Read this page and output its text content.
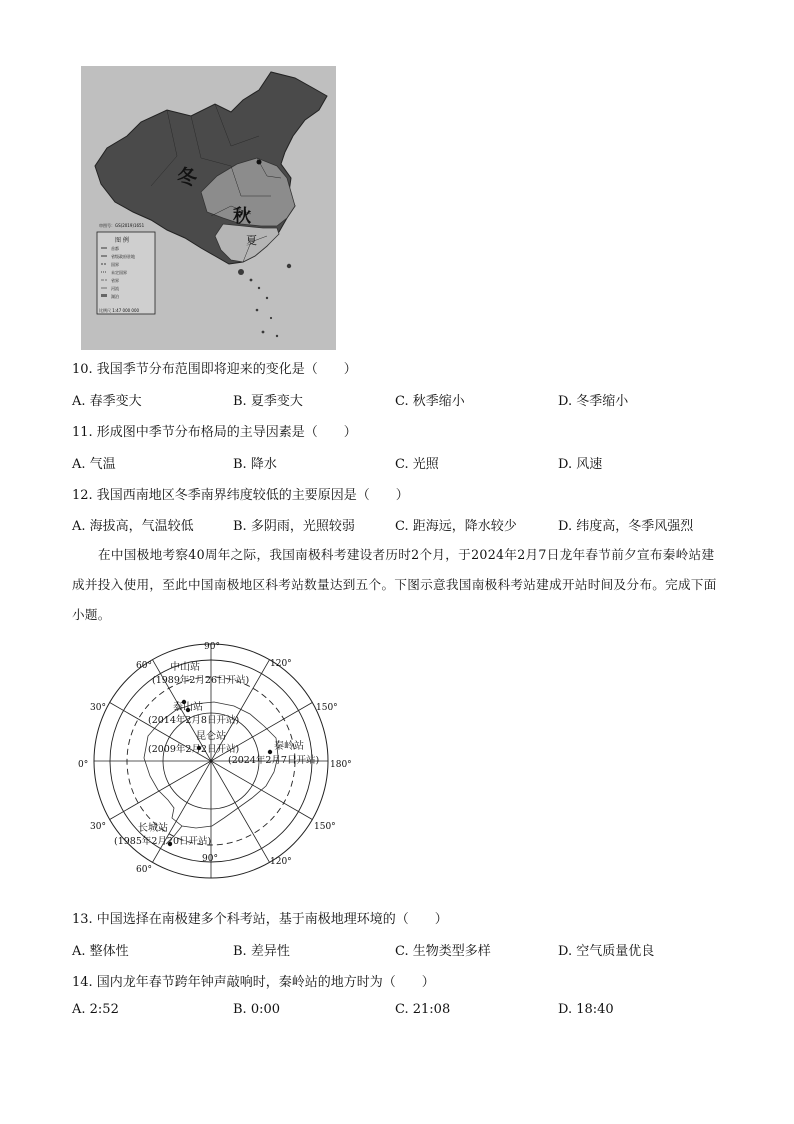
冬
秋
夏
审图号：GS(2019)1651
图 例
首都
省级政府驻地
国界
未定国界
省界
河流
湖泊
比例尺 1:47 000 000
10. 我国季节分布范围即将迎来的变化是（　　）
A. 春季变大	B. 夏季变大	C. 秋季缩小	D. 冬季缩小
11. 形成图中季节分布格局的主导因素是（　　）
A. 气温	B. 降水	C. 光照	D. 风速
12. 我国西南地区冬季南界纬度较低的主要原因是（　　）
A. 海拔高，气温较低	B. 多阴雨，光照较弱	C. 距海远，降水较少	D. 纬度高，冬季风强烈
在中国极地考察40周年之际，我国南极科考建设者历时2个月，于2024年2月7日龙年春节前夕宣布秦岭站建成并投入使用，至此中国南极地区科考站数量达到五个。下图示意我国南极科考站建成开站时间及分布。完成下面小题。
90°
60°	120°
30°	150°
0°	180°
30°	150°
60°
120°
90°
中山站
(1989年2月26日开站)
泰山站
(2014年2月8日开站)
昆仑站
(2009年2月2日开站)	秦岭站
(2024年2月7日开站)
长城站
(1985年2月20日开站)
13. 中国选择在南极建多个科考站，基于南极地理环境的（　　）
A. 整体性	B. 差异性	C. 生物类型多样	D. 空气质量优良
14. 国内龙年春节跨年钟声敲响时，秦岭站的地方时为（　　）
A. 2:52	B. 0:00	C. 21:08	D. 18:40
